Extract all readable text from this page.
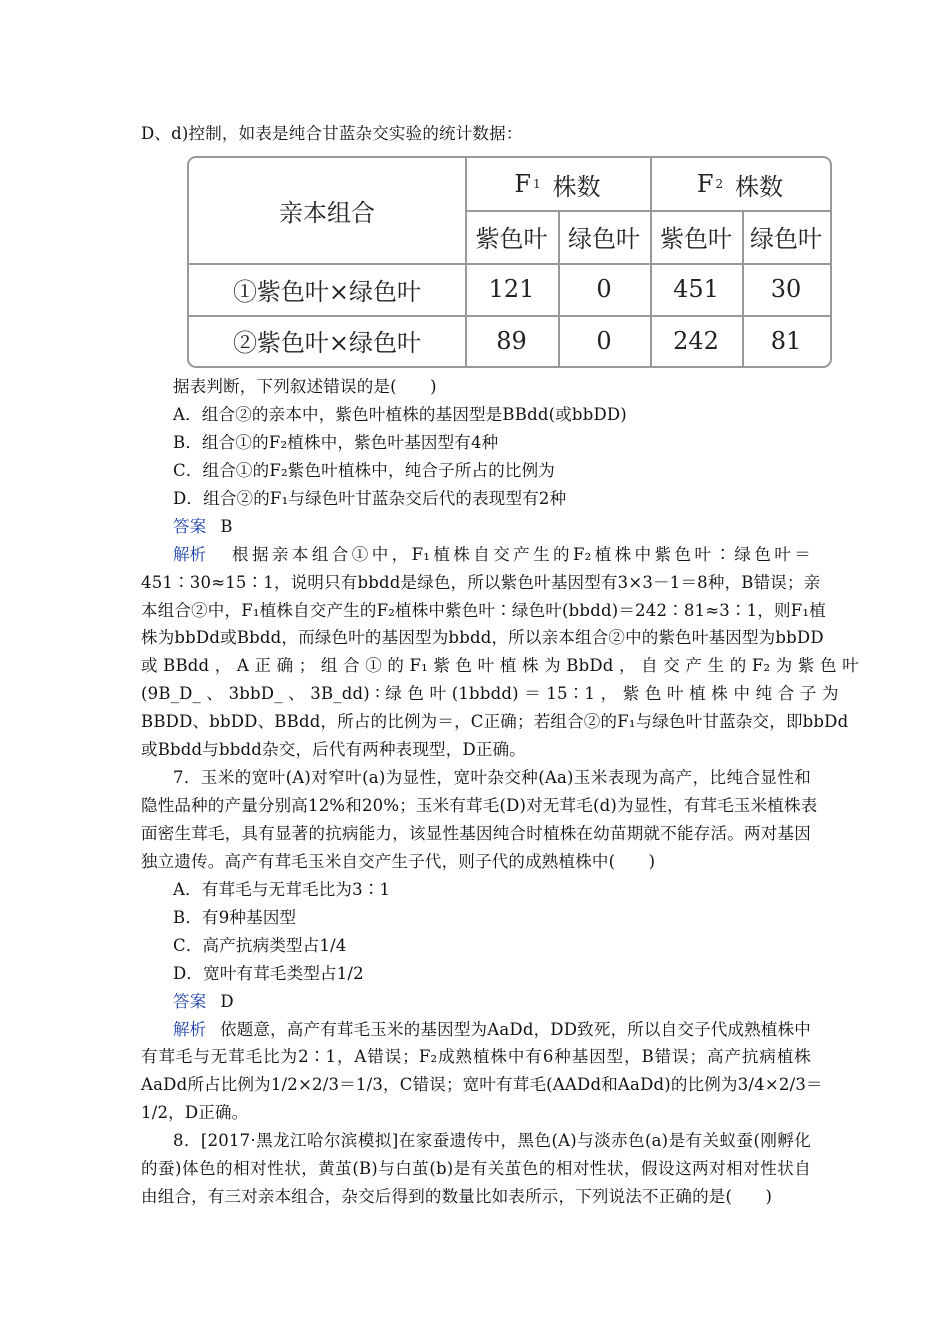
D、d)控制，如表是纯合甘蓝杂交实验的统计数据：
亲本组合
F 1 株数	F 2 株数
紫色叶 绿色叶 紫色叶 绿色叶
①紫色叶×绿色叶	121	0	451	30
②紫色叶×绿色叶	89	0	242	81
据表判断，下列叙述错误的是(　　)
A．组合②的亲本中，紫色叶植株的基因型是BBdd(或bbDD)
B．组合①的F₂植株中，紫色叶基因型有4种
C．组合①的F₂紫色叶植株中，纯合子所占的比例为
D．组合②的F₁与绿色叶甘蓝杂交后代的表现型有2种
答案 B
解析 根据亲本组合①中，F₁植株自交产生的F₂植株中紫色叶∶绿色叶＝
451∶30≈15∶1，说明只有bbdd是绿色，所以紫色叶基因型有3×3－1＝8种，B错误；亲
本组合②中，F₁植株自交产生的F₂植株中紫色叶∶绿色叶(bbdd)＝242∶81≈3∶1，则F₁植
株为bbDd或Bbdd，而绿色叶的基因型为bbdd，所以亲本组合②中的紫色叶基因型为bbDD
或 BBdd ， A 正 确 ； 组 合 ① 的 F₁ 紫 色 叶 植 株 为 BbDd ， 自 交 产 生 的 F₂ 为 紫 色 叶
(9B_D_ 、 3bbD_ 、 3B_dd) ∶ 绿 色 叶 (1bbdd) ＝ 15∶1 ， 紫 色 叶 植 株 中 纯 合 子 为
BBDD、bbDD、BBdd，所占的比例为＝，C正确；若组合②的F₁与绿色叶甘蓝杂交，即bbDd
或Bbdd与bbdd杂交，后代有两种表现型，D正确。
7．玉米的宽叶(A)对窄叶(a)为显性，宽叶杂交种(Aa)玉米表现为高产，比纯合显性和
隐性品种的产量分别高12%和20%；玉米有茸毛(D)对无茸毛(d)为显性，有茸毛玉米植株表
面密生茸毛，具有显著的抗病能力，该显性基因纯合时植株在幼苗期就不能存活。两对基因
独立遗传。高产有茸毛玉米自交产生子代，则子代的成熟植株中(　　)
A．有茸毛与无茸毛比为3∶1
B．有9种基因型
C．高产抗病类型占1/4
D．宽叶有茸毛类型占1/2
答案 D
解析 依题意，高产有茸毛玉米的基因型为AaDd，DD致死，所以自交子代成熟植株中
有茸毛与无茸毛比为2∶1，A错误；F₂成熟植株中有6种基因型，B错误；高产抗病植株
AaDd所占比例为1/2×2/3＝1/3，C错误；宽叶有茸毛(AADd和AaDd)的比例为3/4×2/3＝
1/2，D正确。
8．[2017·黑龙江哈尔滨模拟]在家蚕遗传中，黑色(A)与淡赤色(a)是有关蚁蚕(刚孵化
的蚕)体色的相对性状，黄茧(B)与白茧(b)是有关茧色的相对性状，假设这两对相对性状自
由组合，有三对亲本组合，杂交后得到的数量比如表所示，下列说法不正确的是(　　)
